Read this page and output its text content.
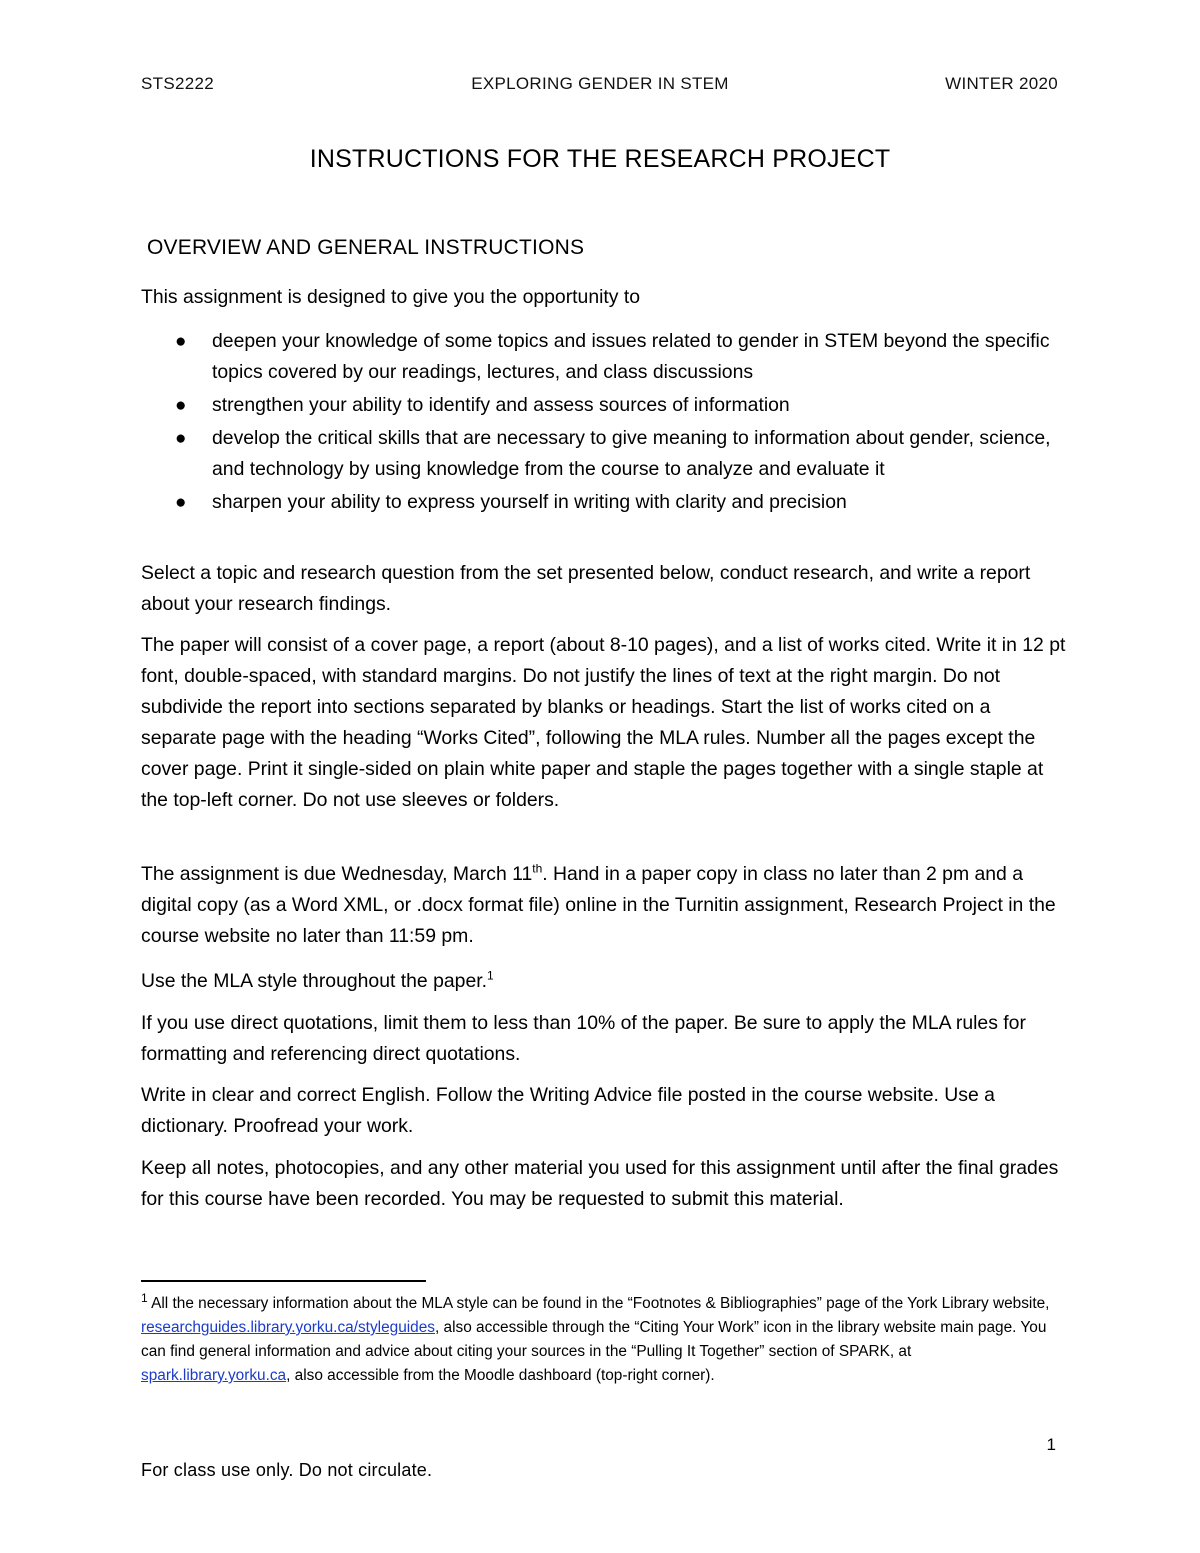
STS2222	EXPLORING GENDER IN STEM	WINTER 2020
INSTRUCTIONS FOR THE RESEARCH PROJECT
OVERVIEW AND GENERAL INSTRUCTIONS
This assignment is designed to give you the opportunity to
● deepen your knowledge of some topics and issues related to gender in STEM beyond the specific topics covered by our readings, lectures, and class discussions
● strengthen your ability to identify and assess sources of information
● develop the critical skills that are necessary to give meaning to information about gender, science, and technology by using knowledge from the course to analyze and evaluate it
● sharpen your ability to express yourself in writing with clarity and precision
Select a topic and research question from the set presented below, conduct research, and write a report about your research findings.
The paper will consist of a cover page, a report (about 8-10 pages), and a list of works cited. Write it in 12 pt font, double-spaced, with standard margins. Do not justify the lines of text at the right margin. Do not subdivide the report into sections separated by blanks or headings. Start the list of works cited on a separate page with the heading “Works Cited”, following the MLA rules. Number all the pages except the cover page. Print it single-sided on plain white paper and staple the pages together with a single staple at the top-left corner. Do not use sleeves or folders.
The assignment is due Wednesday, March 11th. Hand in a paper copy in class no later than 2 pm and a digital copy (as a Word XML, or .docx format file) online in the Turnitin assignment, Research Project in the course website no later than 11:59 pm.
Use the MLA style throughout the paper.$^1$
If you use direct quotations, limit them to less than 10% of the paper. Be sure to apply the MLA rules for formatting and referencing direct quotations.
Write in clear and correct English. Follow the Writing Advice file posted in the course website. Use a dictionary. Proofread your work.
Keep all notes, photocopies, and any other material you used for this assignment until after the final grades for this course have been recorded. You may be requested to submit this material.
$^1$ All the necessary information about the MLA style can be found in the “Footnotes & Bibliographies” page of the York Library website, researchguides.library.yorku.ca/styleguides, also accessible through the “Citing Your Work” icon in the library website main page. You can find general information and advice about citing your sources in the “Pulling It Together” section of SPARK, at spark.library.yorku.ca, also accessible from the Moodle dashboard (top-right corner).
1
For class use only. Do not circulate.
